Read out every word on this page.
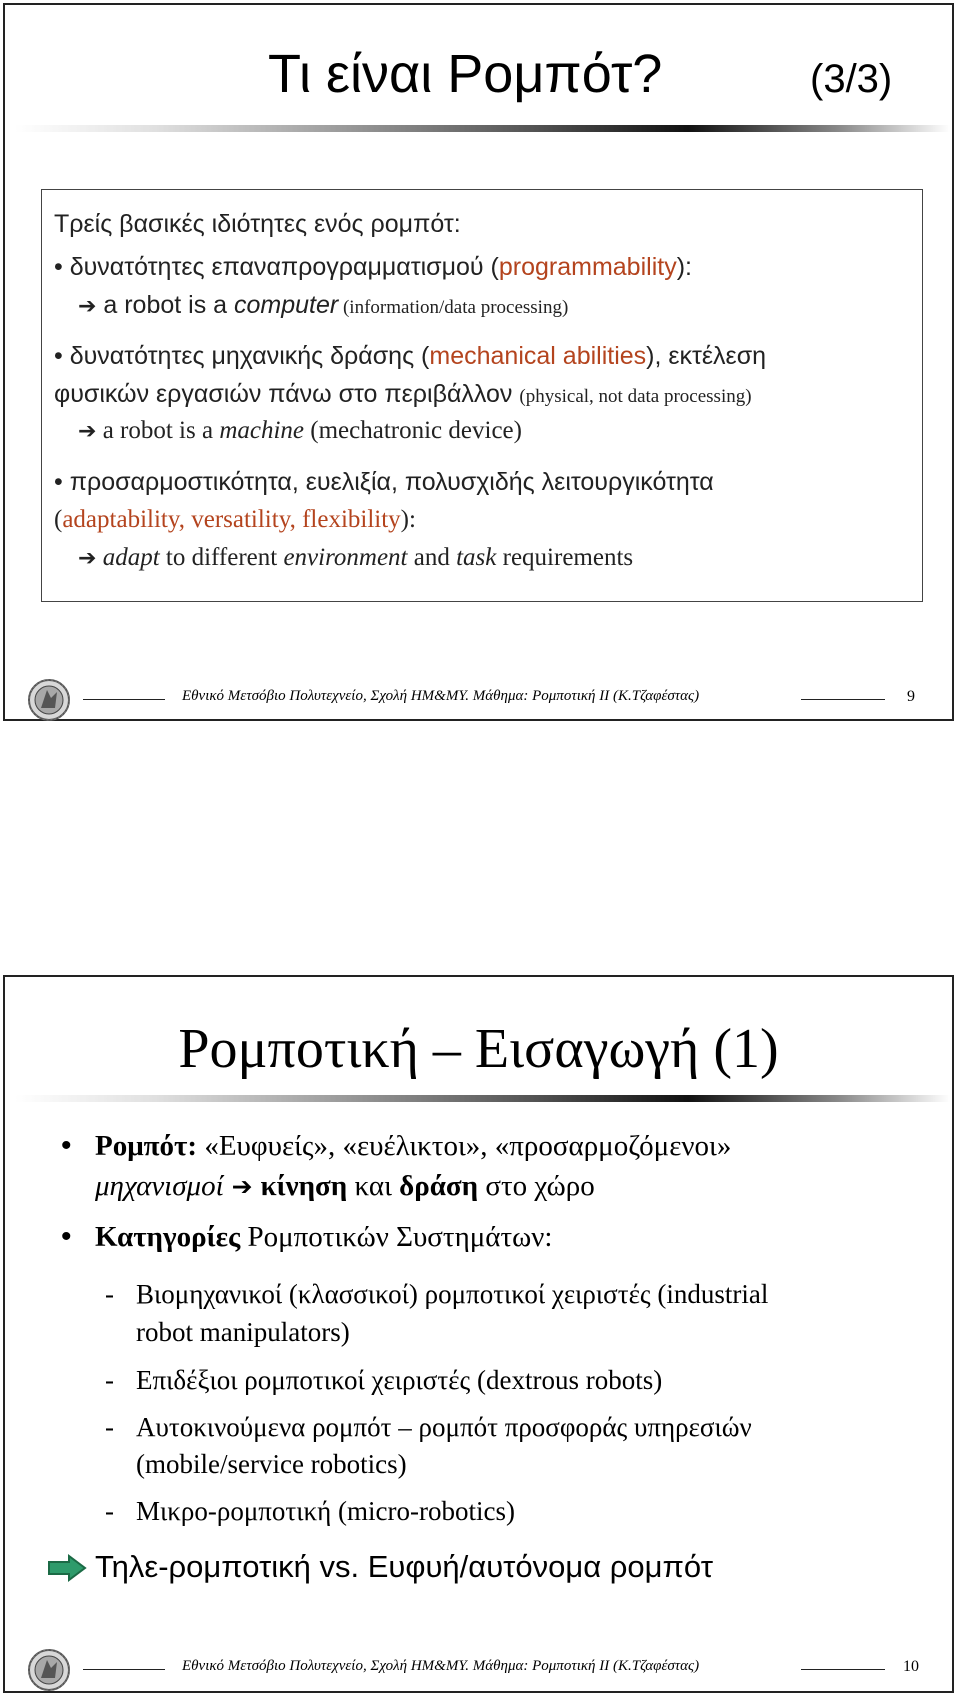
Τι είναι Ρομπότ?	(3/3)
Τρείς βασικές ιδιότητες ενός ρομπότ:
• δυνατότητες επαναπρογραμματισμού (programmability):
➔ a robot is a computer (information/data processing)
• δυνατότητες μηχανικής δράσης (mechanical abilities), εκτέλεση
φυσικών εργασιών πάνω στο περιβάλλον (physical, not data processing)
➔ a robot is a machine (mechatronic device)
• προσαρμοστικότητα, ευελιξία, πολυσχιδής λειτουργικότητα
(adaptability, versatility, flexibility):
➔ adapt to different environment and task requirements
Εθνικό Μετσόβιο Πολυτεχνείο, Σχολή ΗΜ&ΜΥ. Μάθημα: Ρομποτική ΙΙ (Κ.Τζαφέστας)	9
Ρομποτική – Εισαγωγή (1)
• Ρομπότ: «Ευφυείς», «ευέλικτοι», «προσαρμοζόμενοι»
μηχανισμοί ➔ κίνηση και δράση στο χώρο
• Κατηγορίες Ρομποτικών Συστημάτων:
- Βιομηχανικοί (κλασσικοί) ρομποτικοί χειριστές (industrial
robot manipulators)
- Επιδέξιοι ρομποτικοί χειριστές (dextrous robots)
- Αυτοκινούμενα ρομπότ – ρομπότ προσφοράς υπηρεσιών
(mobile/service robotics)
- Μικρο-ρομποτική (micro-robotics)
Τηλε-ρομποτική vs. Ευφυή/αυτόνομα ρομπότ
Εθνικό Μετσόβιο Πολυτεχνείο, Σχολή ΗΜ&ΜΥ. Μάθημα: Ρομποτική ΙΙ (Κ.Τζαφέστας)	10
